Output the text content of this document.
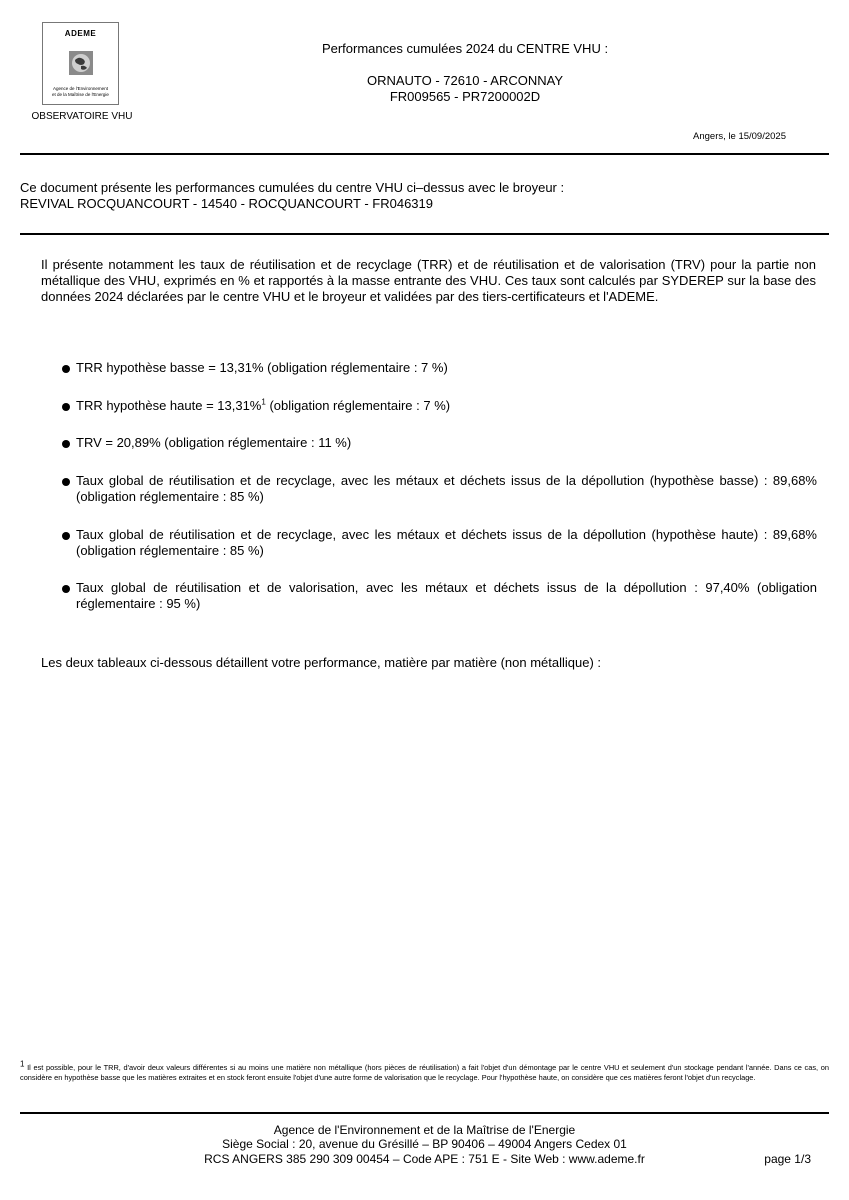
ADEME
Agence de l'Environnement
et de la Maîtrise de l'Energie
OBSERVATOIRE VHU
Performances cumulées 2024 du CENTRE VHU :
ORNAUTO - 72610 - ARCONNAY
FR009565 - PR7200002D
Angers, le 15/09/2025
Ce document présente les performances cumulées du centre VHU ci–dessus avec le broyeur :
REVIVAL ROCQUANCOURT - 14540 - ROCQUANCOURT - FR046319
Il présente notamment les taux de réutilisation et de recyclage (TRR) et de réutilisation et de valorisation (TRV) pour la partie non métallique des VHU, exprimés en % et rapportés à la masse entrante des VHU. Ces taux sont calculés par SYDEREP sur la base des données 2024 déclarées par le centre VHU et le broyeur et validées par des tiers-certificateurs et l'ADEME.
TRR hypothèse basse = 13,31% (obligation réglementaire : 7 %)
TRR hypothèse haute = 13,31%$^1$ (obligation réglementaire : 7 %)
TRV = 20,89% (obligation réglementaire : 11 %)
Taux global de réutilisation et de recyclage, avec les métaux et déchets issus de la dépollution (hypothèse basse) : 89,68% (obligation réglementaire : 85 %)
Taux global de réutilisation et de recyclage, avec les métaux et déchets issus de la dépollution (hypothèse haute) : 89,68% (obligation réglementaire : 85 %)
Taux global de réutilisation et de valorisation, avec les métaux et déchets issus de la dépollution : 97,40% (obligation réglementaire : 95 %)
Les deux tableaux ci-dessous détaillent votre performance, matière par matière (non métallique) :
$^1$ Il est possible, pour le TRR, d'avoir deux valeurs différentes si au moins une matière non métallique (hors pièces de réutilisation) a fait l'objet d'un démontage par le centre VHU et seulement d'un stockage pendant l'année. Dans ce cas, on considère en hypothèse basse que les matières extraites et en stock feront ensuite l'objet d'une autre forme de valorisation que le recyclage. Pour l'hypothèse haute, on considère que ces matières feront l'objet d'un recyclage.
Agence de l'Environnement et de la Maîtrise de l'Energie
Siège Social : 20, avenue du Grésillé – BP 90406 – 49004 Angers Cedex 01
RCS ANGERS 385 290 309 00454 – Code APE : 751 E - Site Web : www.ademe.fr	page 1/3
